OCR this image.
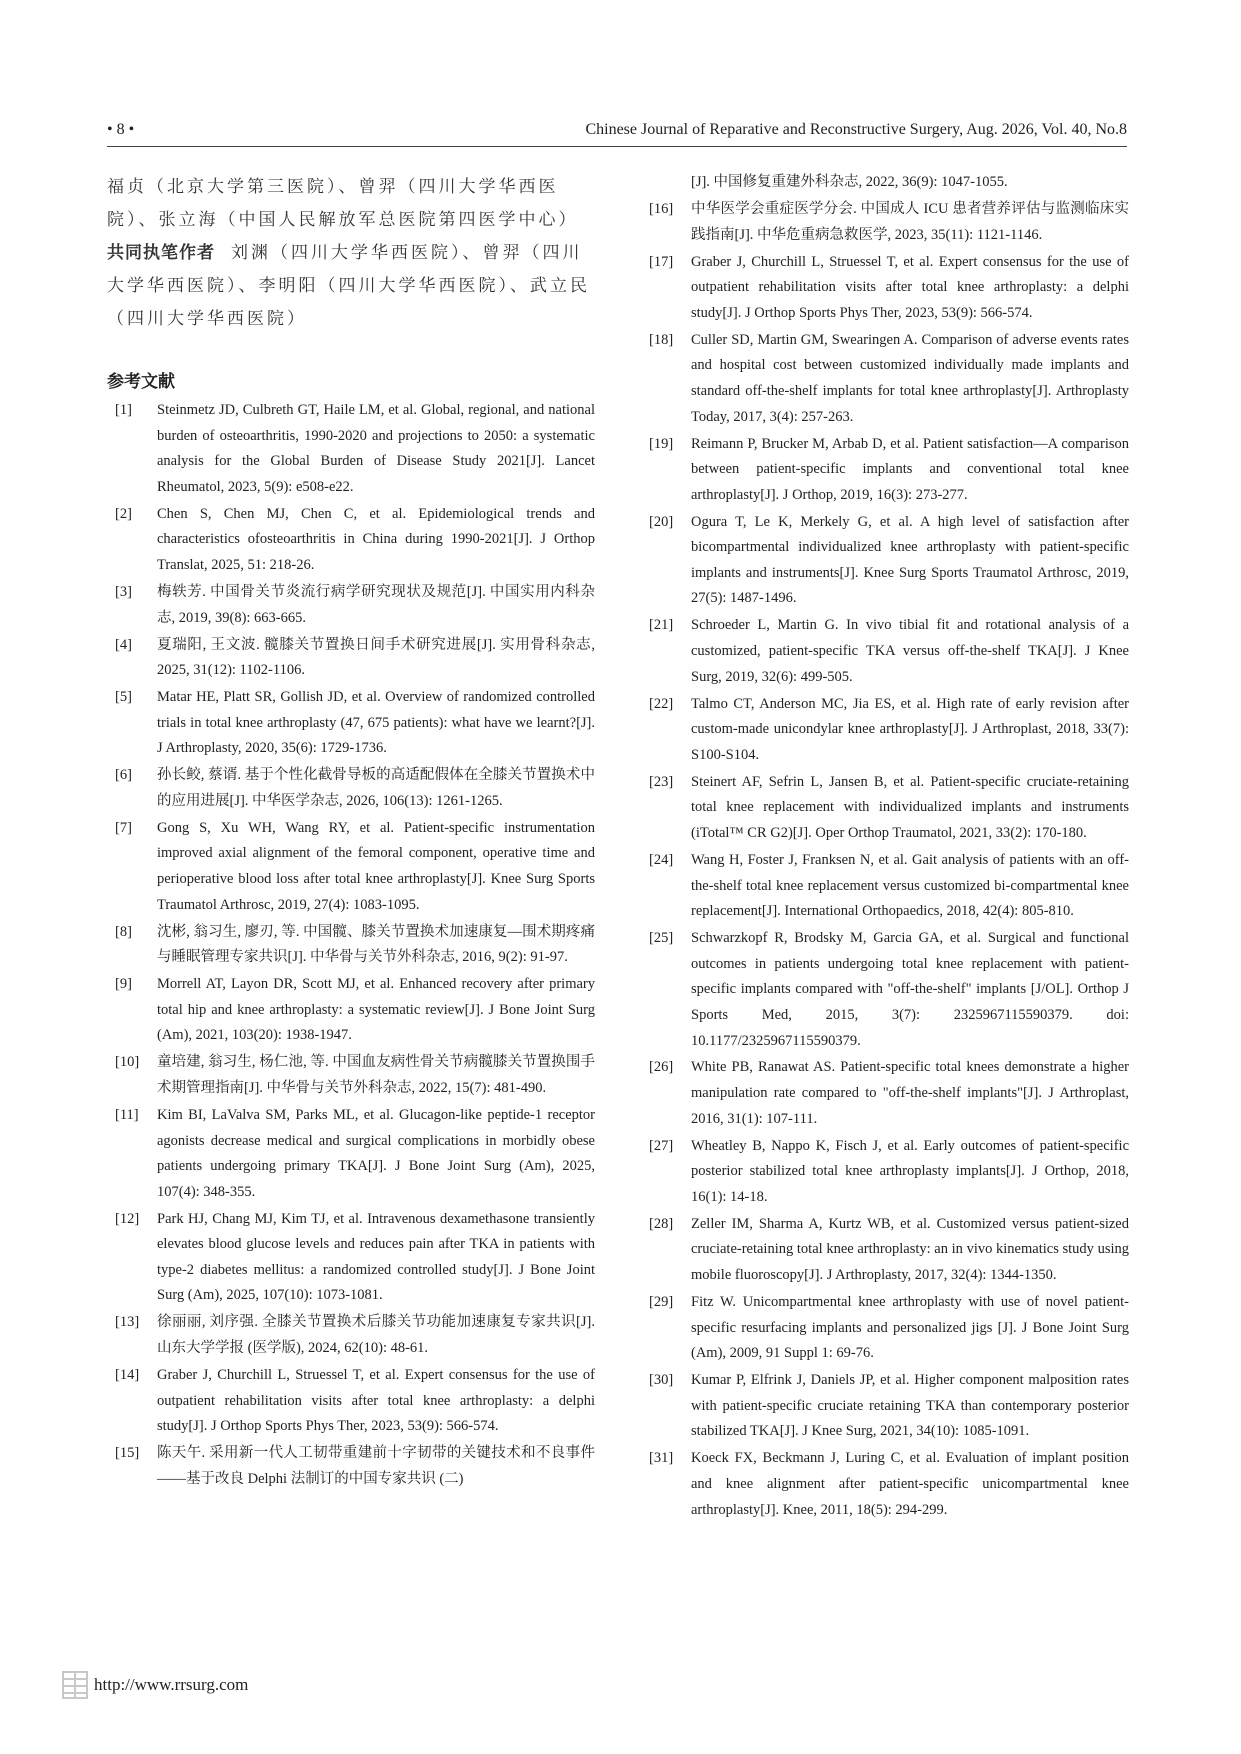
• 8 •	Chinese Journal of Reparative and Reconstructive Surgery, Aug. 2026, Vol. 40, No.8
福贞（北京大学第三医院）、曾羿（四川大学华西医
院）、张立海（中国人民解放军总医院第四医学中心）
共同执笔作者 刘渊（四川大学华西医院）、曾羿（四川
大学华西医院）、李明阳（四川大学华西医院）、武立民
（四川大学华西医院）
参考文献
[1] Steinmetz JD, Culbreth GT, Haile LM, et al. Global, regional, and national burden of osteoarthritis, 1990-2020 and projections to 2050: a systematic analysis for the Global Burden of Disease Study 2021[J]. Lancet Rheumatol, 2023, 5(9): e508-e22.
[2] Chen S, Chen MJ, Chen C, et al. Epidemiological trends and characteristics ofosteoarthritis in China during 1990-2021[J]. J Orthop Translat, 2025, 51: 218-26.
[3] 梅轶芳. 中国骨关节炎流行病学研究现状及规范[J]. 中国实用内科杂志, 2019, 39(8): 663-665.
[4] 夏瑞阳, 王文波. 髋膝关节置换日间手术研究进展[J]. 实用骨科杂志, 2025, 31(12): 1102-1106.
[5] Matar HE, Platt SR, Gollish JD, et al. Overview of randomized controlled trials in total knee arthroplasty (47, 675 patients): what have we learnt?[J]. J Arthroplasty, 2020, 35(6): 1729-1736.
[6] 孙长鲛, 蔡谞. 基于个性化截骨导板的高适配假体在全膝关节置换术中的应用进展[J]. 中华医学杂志, 2026, 106(13): 1261-1265.
[7] Gong S, Xu WH, Wang RY, et al. Patient-specific instrumentation improved axial alignment of the femoral component, operative time and perioperative blood loss after total knee arthroplasty[J]. Knee Surg Sports Traumatol Arthrosc, 2019, 27(4): 1083-1095.
[8] 沈彬, 翁习生, 廖刃, 等. 中国髋、膝关节置换术加速康复—围术期疼痛与睡眠管理专家共识[J]. 中华骨与关节外科杂志, 2016, 9(2): 91-97.
[9] Morrell AT, Layon DR, Scott MJ, et al. Enhanced recovery after primary total hip and knee arthroplasty: a systematic review[J]. J Bone Joint Surg (Am), 2021, 103(20): 1938-1947.
[10] 童培建, 翁习生, 杨仁池, 等. 中国血友病性骨关节病髋膝关节置换围手术期管理指南[J]. 中华骨与关节外科杂志, 2022, 15(7): 481-490.
[11] Kim BI, LaValva SM, Parks ML, et al. Glucagon-like peptide-1 receptor agonists decrease medical and surgical complications in morbidly obese patients undergoing primary TKA[J]. J Bone Joint Surg (Am), 2025, 107(4): 348-355.
[12] Park HJ, Chang MJ, Kim TJ, et al. Intravenous dexamethasone transiently elevates blood glucose levels and reduces pain after TKA in patients with type-2 diabetes mellitus: a randomized controlled study[J]. J Bone Joint Surg (Am), 2025, 107(10): 1073-1081.
[13] 徐丽丽, 刘序强. 全膝关节置换术后膝关节功能加速康复专家共识[J]. 山东大学学报 (医学版), 2024, 62(10): 48-61.
[14] Graber J, Churchill L, Struessel T, et al. Expert consensus for the use of outpatient rehabilitation visits after total knee arthroplasty: a delphi study[J]. J Orthop Sports Phys Ther, 2023, 53(9): 566-574.
[15] 陈天午. 采用新一代人工韧带重建前十字韧带的关键技术和不良事件——基于改良 Delphi 法制订的中国专家共识 (二)
[J]. 中国修复重建外科杂志, 2022, 36(9): 1047-1055.
[16] 中华医学会重症医学分会. 中国成人 ICU 患者营养评估与监测临床实践指南[J]. 中华危重病急救医学, 2023, 35(11): 1121-1146.
[17] Graber J, Churchill L, Struessel T, et al. Expert consensus for the use of outpatient rehabilitation visits after total knee arthroplasty: a delphi study[J]. J Orthop Sports Phys Ther, 2023, 53(9): 566-574.
[18] Culler SD, Martin GM, Swearingen A. Comparison of adverse events rates and hospital cost between customized individually made implants and standard off-the-shelf implants for total knee arthroplasty[J]. Arthroplasty Today, 2017, 3(4): 257-263.
[19] Reimann P, Brucker M, Arbab D, et al. Patient satisfaction—A comparison between patient-specific implants and conventional total knee arthroplasty[J]. J Orthop, 2019, 16(3): 273-277.
[20] Ogura T, Le K, Merkely G, et al. A high level of satisfaction after bicompartmental individualized knee arthroplasty with patient-specific implants and instruments[J]. Knee Surg Sports Traumatol Arthrosc, 2019, 27(5): 1487-1496.
[21] Schroeder L, Martin G. In vivo tibial fit and rotational analysis of a customized, patient-specific TKA versus off-the-shelf TKA[J]. J Knee Surg, 2019, 32(6): 499-505.
[22] Talmo CT, Anderson MC, Jia ES, et al. High rate of early revision after custom-made unicondylar knee arthroplasty[J]. J Arthroplast, 2018, 33(7): S100-S104.
[23] Steinert AF, Sefrin L, Jansen B, et al. Patient-specific cruciate-retaining total knee replacement with individualized implants and instruments (iTotal™ CR G2)[J]. Oper Orthop Traumatol, 2021, 33(2): 170-180.
[24] Wang H, Foster J, Franksen N, et al. Gait analysis of patients with an off-the-shelf total knee replacement versus customized bi-compartmental knee replacement[J]. International Orthopaedics, 2018, 42(4): 805-810.
[25] Schwarzkopf R, Brodsky M, Garcia GA, et al. Surgical and functional outcomes in patients undergoing total knee replacement with patient-specific implants compared with "off-the-shelf" implants [J/OL]. Orthop J Sports Med, 2015, 3(7): 2325967115590379. doi: 10.1177/2325967115590379.
[26] White PB, Ranawat AS. Patient-specific total knees demonstrate a higher manipulation rate compared to "off-the-shelf implants"[J]. J Arthroplast, 2016, 31(1): 107-111.
[27] Wheatley B, Nappo K, Fisch J, et al. Early outcomes of patient-specific posterior stabilized total knee arthroplasty implants[J]. J Orthop, 2018, 16(1): 14-18.
[28] Zeller IM, Sharma A, Kurtz WB, et al. Customized versus patient-sized cruciate-retaining total knee arthroplasty: an in vivo kinematics study using mobile fluoroscopy[J]. J Arthroplasty, 2017, 32(4): 1344-1350.
[29] Fitz W. Unicompartmental knee arthroplasty with use of novel patient-specific resurfacing implants and personalized jigs [J]. J Bone Joint Surg (Am), 2009, 91 Suppl 1: 69-76.
[30] Kumar P, Elfrink J, Daniels JP, et al. Higher component malposition rates with patient-specific cruciate retaining TKA than contemporary posterior stabilized TKA[J]. J Knee Surg, 2021, 34(10): 1085-1091.
[31] Koeck FX, Beckmann J, Luring C, et al. Evaluation of implant position and knee alignment after patient-specific unicompartmental knee arthroplasty[J]. Knee, 2011, 18(5): 294-299.
http://www.rrsurg.com
